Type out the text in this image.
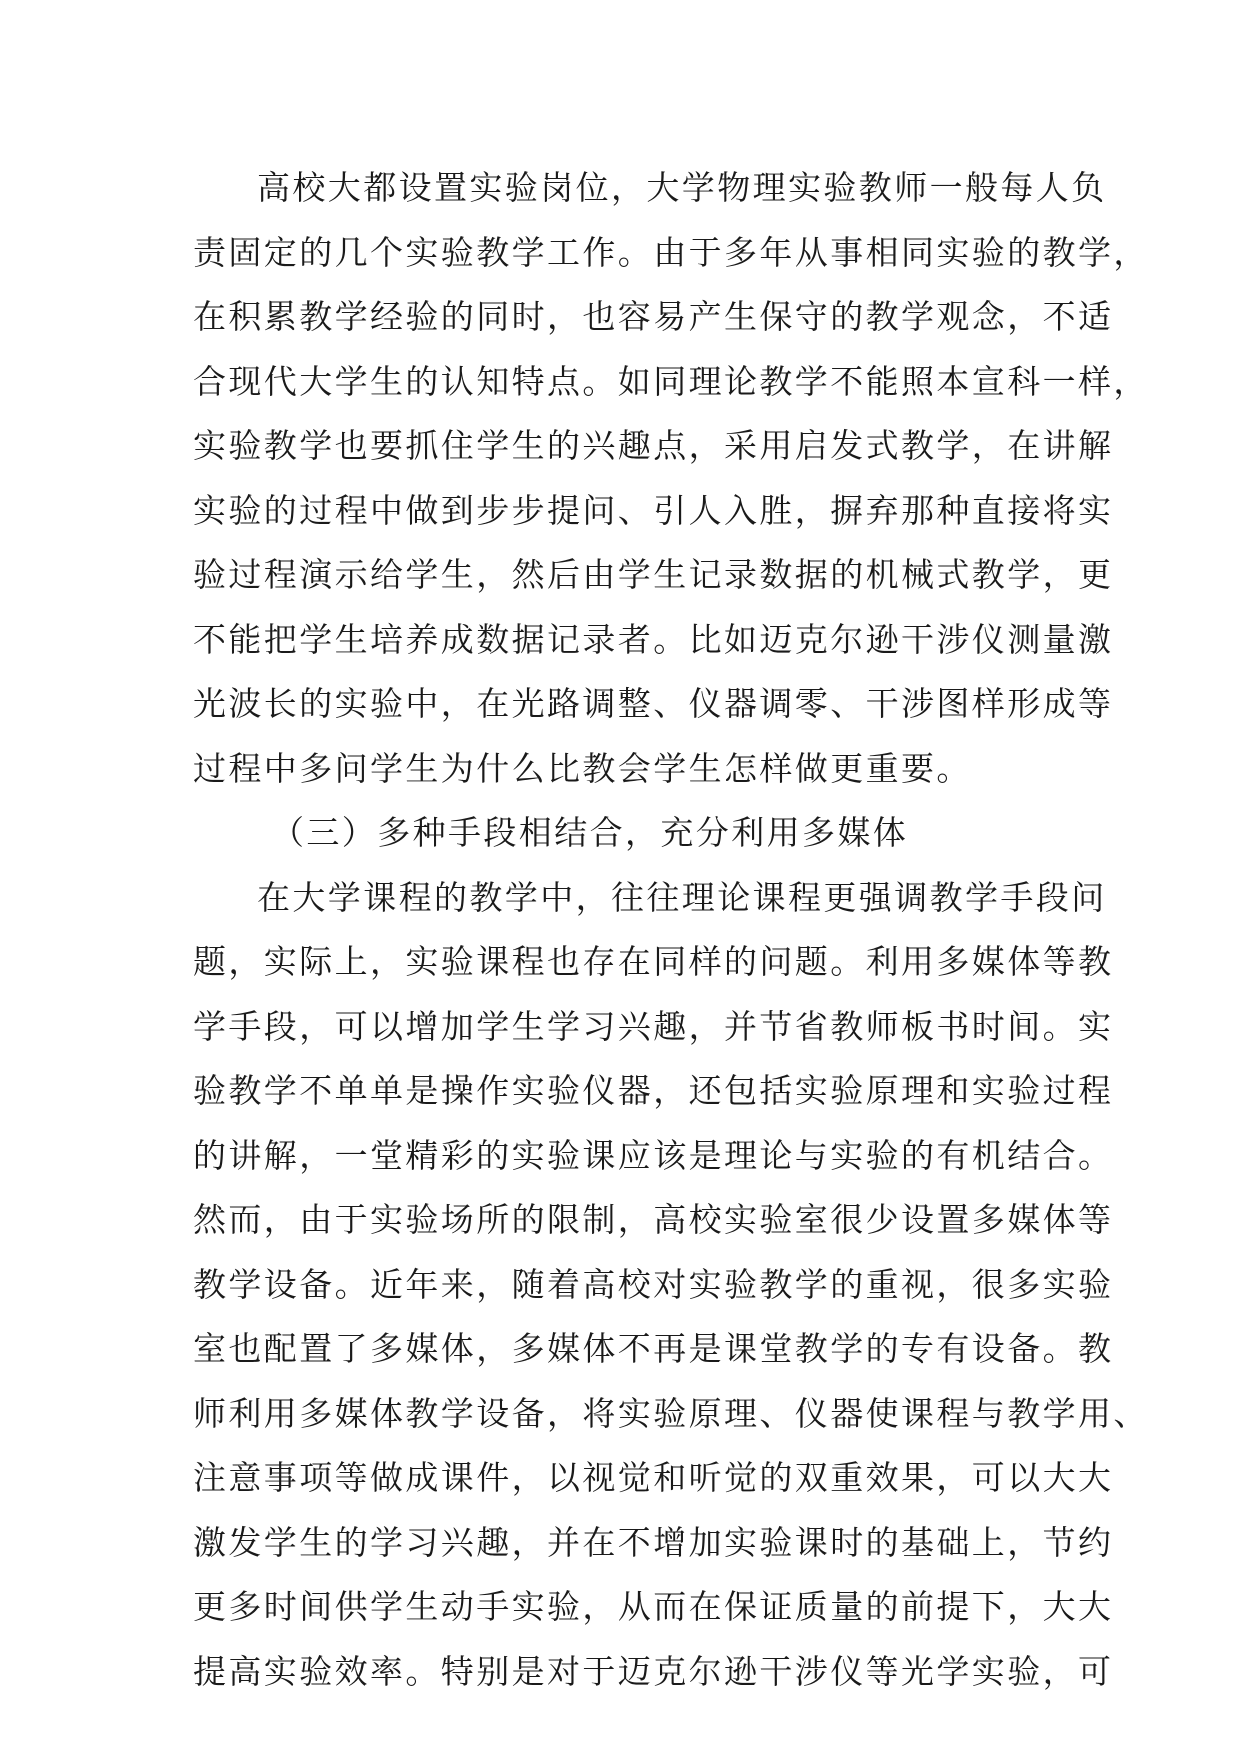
高校大都设置实验岗位，大学物理实验教师一般每人负
责固定的几个实验教学工作。由于多年从事相同实验的教学，
在积累教学经验的同时，也容易产生保守的教学观念，不适
合现代大学生的认知特点。如同理论教学不能照本宣科一样，
实验教学也要抓住学生的兴趣点，采用启发式教学，在讲解
实验的过程中做到步步提问、引人入胜，摒弃那种直接将实
验过程演示给学生，然后由学生记录数据的机械式教学，更
不能把学生培养成数据记录者。比如迈克尔逊干涉仪测量激
光波长的实验中，在光路调整、仪器调零、干涉图样形成等
过程中多问学生为什么比教会学生怎样做更重要。
（三）多种手段相结合，充分利用多媒体
在大学课程的教学中，往往理论课程更强调教学手段问
题，实际上，实验课程也存在同样的问题。利用多媒体等教
学手段，可以增加学生学习兴趣，并节省教师板书时间。实
验教学不单单是操作实验仪器，还包括实验原理和实验过程
的讲解，一堂精彩的实验课应该是理论与实验的有机结合。
然而，由于实验场所的限制，高校实验室很少设置多媒体等
教学设备。近年来，随着高校对实验教学的重视，很多实验
室也配置了多媒体，多媒体不再是课堂教学的专有设备。教
师利用多媒体教学设备，将实验原理、仪器使课程与教学用、
注意事项等做成课件，以视觉和听觉的双重效果，可以大大
激发学生的学习兴趣，并在不增加实验课时的基础上，节约
更多时间供学生动手实验，从而在保证质量的前提下，大大
提高实验效率。特别是对于迈克尔逊干涉仪等光学实验，可
